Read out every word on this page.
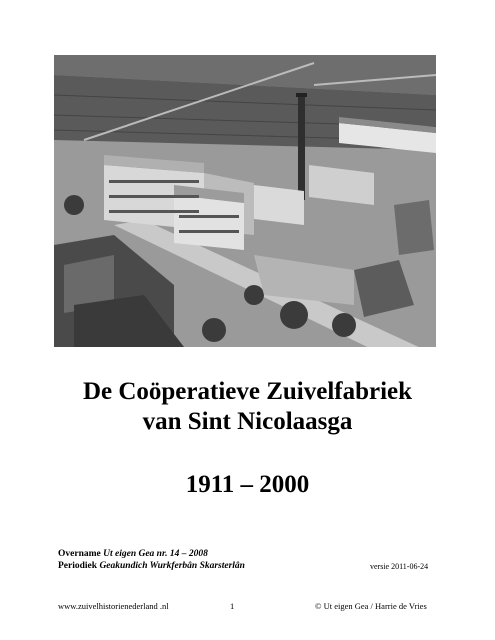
De Coöperatieve Zuivelfabriek
van Sint Nicolaasga
1911 – 2000
Overname Ut eigen Gea nr. 14 – 2008
Periodiek Geakundich Wurkferbân Skarsterlân	versie 2011-06-24
www.zuivelhistorienederland .nl	1	© Ut eigen Gea / Harrie de Vries
